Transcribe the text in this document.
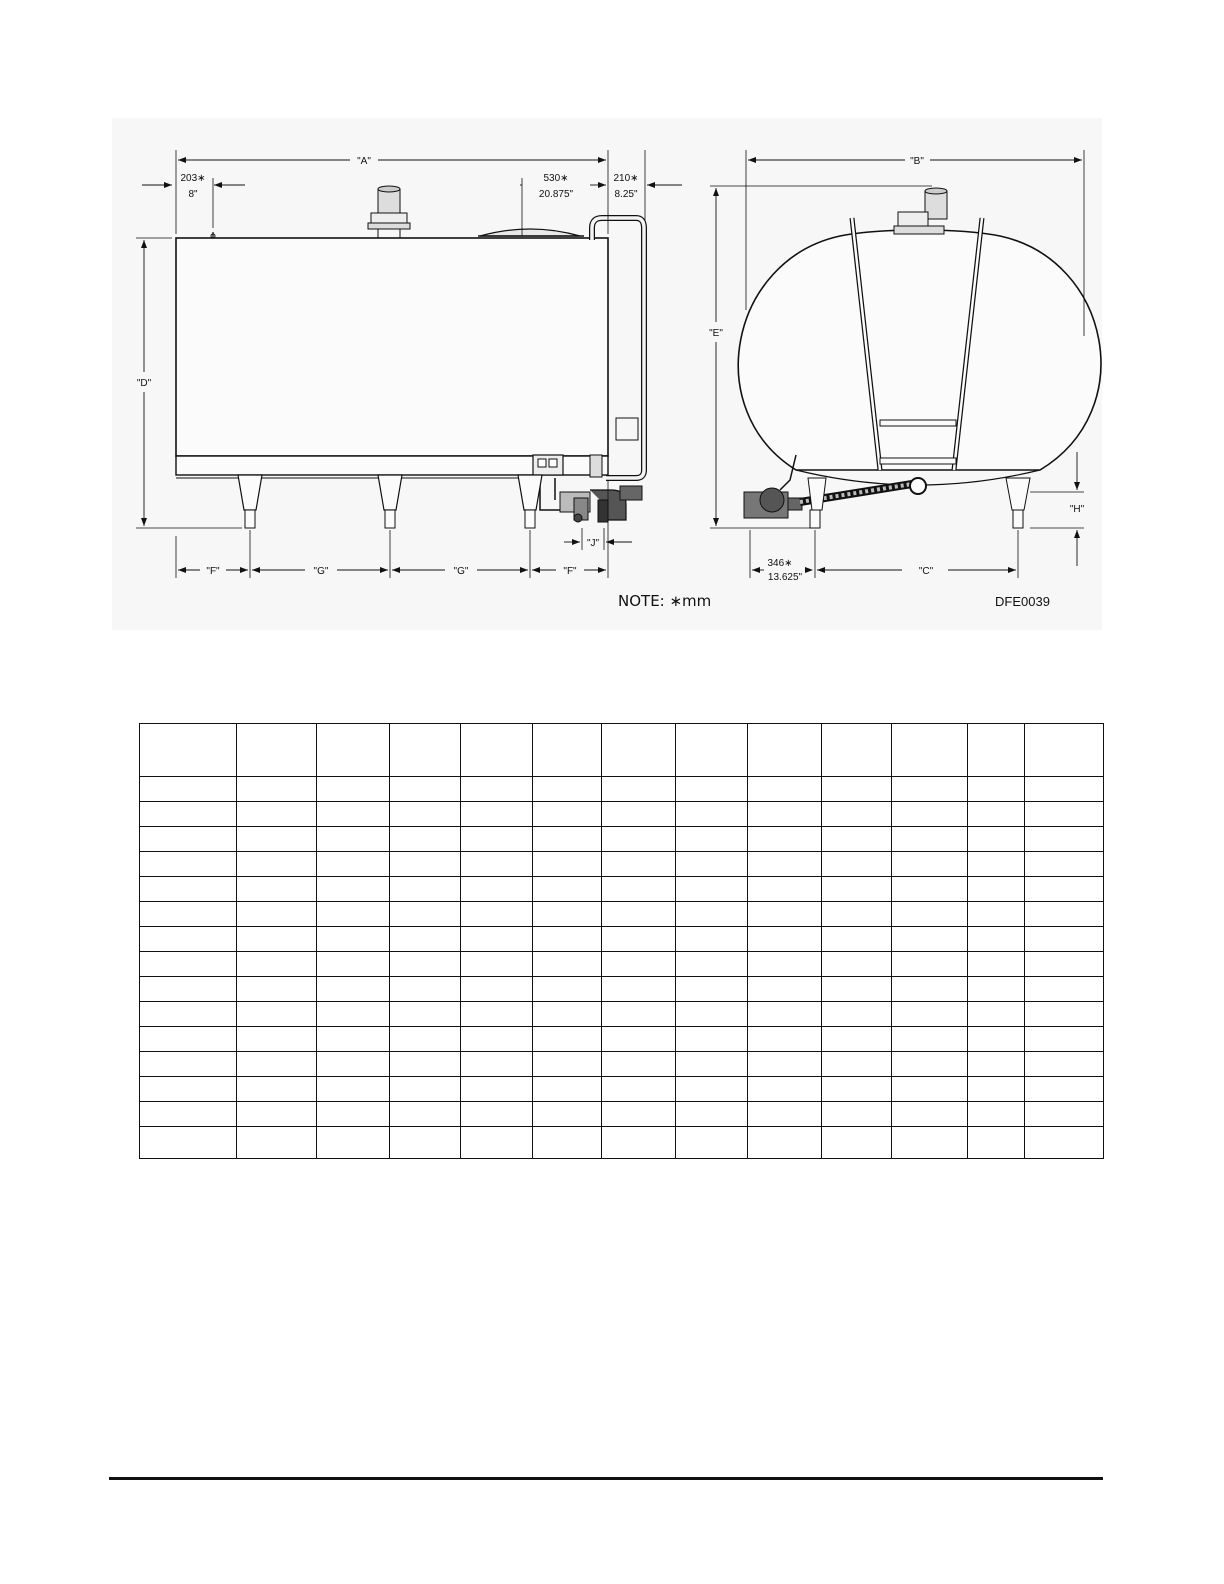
"A"
203∗
8"
530∗
20.875"
210∗
8.25"
"D"
"F"	"G"	"G"	"F"
"J"
"B"
"E"
"H"
"C"
346∗
13.625"
NOTE: ∗mm	DFE0039
